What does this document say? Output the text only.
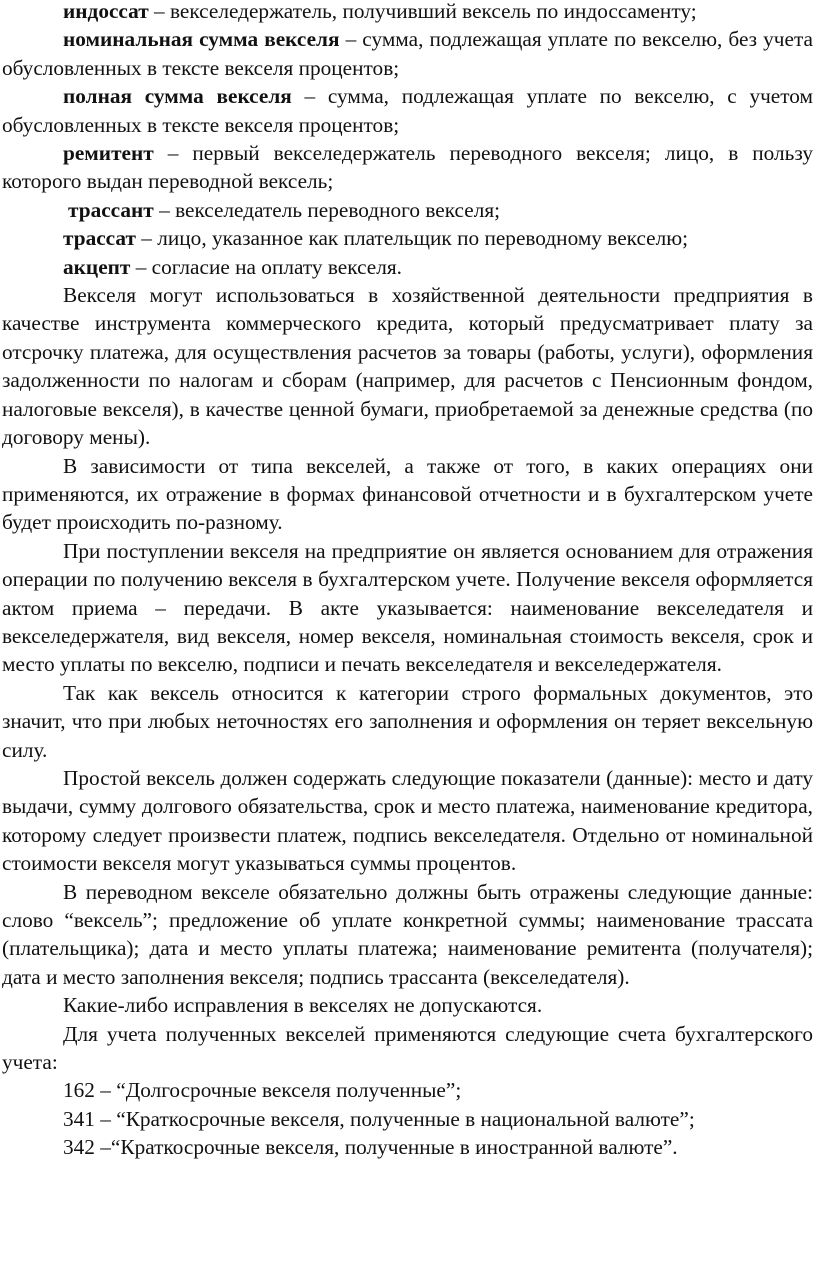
индоссат – векселедержатель, получивший вексель по индоссаменту;

номинальная сумма векселя – сумма, подлежащая уплате по векселю, без учета обусловленных в тексте векселя процентов;

полная сумма векселя – сумма, подлежащая уплате по векселю, с учетом обусловленных в тексте векселя процентов;

ремитент – первый векселедержатель переводного векселя; лицо, в пользу которого выдан переводной вексель;

трассант – векселедатель переводного векселя;

трассат – лицо, указанное как плательщик по переводному векселю;

акцепт – согласие на оплату векселя.

Векселя могут использоваться в хозяйственной деятельности предприятия в качестве инструмента коммерческого кредита, который предусматривает плату за отсрочку платежа, для осуществления расчетов за товары (работы, услуги), оформления задолженности по налогам и сборам (например, для расчетов с Пенсионным фондом, налоговые векселя), в качестве ценной бумаги, приобретаемой за денежные средства (по договору мены).

В зависимости от типа векселей, а также от того, в каких операциях они применяются, их отражение в формах финансовой отчетности и в бухгалтерском учете будет происходить по-разному.

При поступлении векселя на предприятие он является основанием для отражения операции по получению векселя в бухгалтерском учете. Получение векселя оформляется актом приема – передачи. В акте указывается: наименование векселедателя и векселедержателя, вид векселя, номер векселя, номинальная стоимость векселя, срок и место уплаты по векселю, подписи и печать векселедателя и векселедержателя.

Так как вексель относится к категории строго формальных документов, это значит, что при любых неточностях его заполнения и оформления он теряет вексельную силу.

Простой вексель должен содержать следующие показатели (данные): место и дату выдачи, сумму долгового обязательства, срок и место платежа, наименование кредитора, которому следует произвести платеж, подпись векселедателя. Отдельно от номинальной стоимости векселя могут указываться суммы процентов.

В переводном векселе обязательно должны быть отражены следующие данные: слово “вексель”; предложение об уплате конкретной суммы; наименование трассата (плательщика); дата и место уплаты платежа; наименование ремитента (получателя); дата и место заполнения векселя; подпись трассанта (векселедателя).

Какие-либо исправления в векселях не допускаются.

Для учета полученных векселей применяются следующие счета бухгалтерского учета:

162 – “Долгосрочные векселя полученные”;

341 – “Краткосрочные векселя, полученные в национальной валюте”;

342 –“Краткосрочные векселя, полученные в иностранной валюте”.
